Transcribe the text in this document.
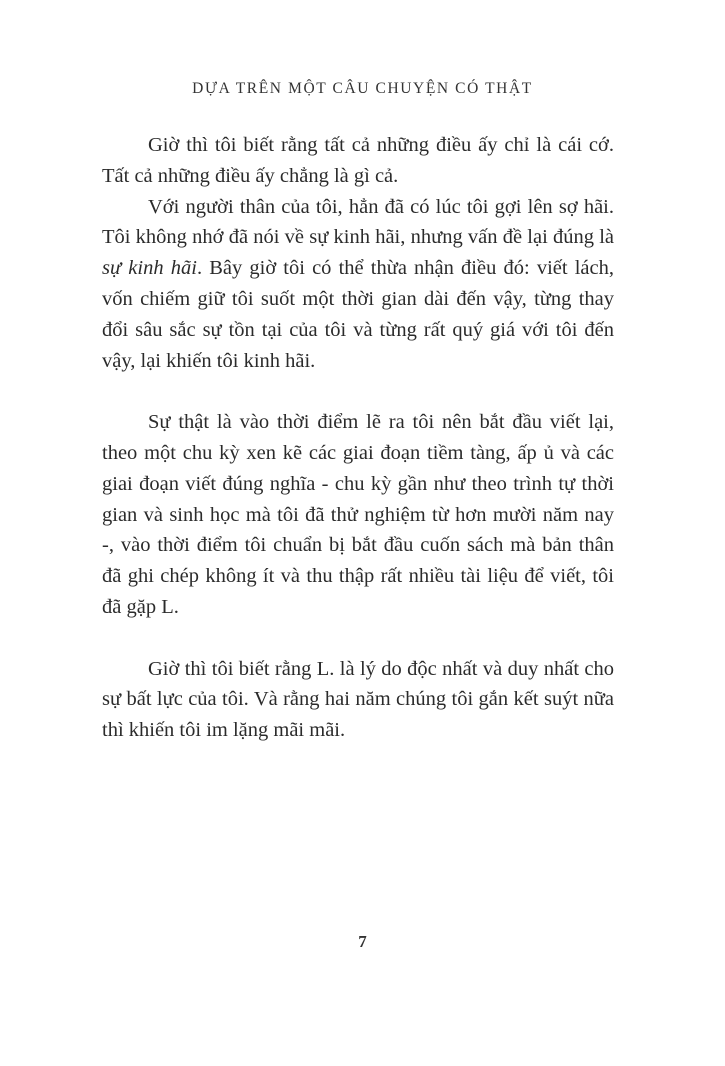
DỰA TRÊN MỘT CÂU CHUYỆN CÓ THẬT

Giờ thì tôi biết rằng tất cả những điều ấy chỉ là cái cớ. Tất cả những điều ấy chẳng là gì cả.

Với người thân của tôi, hẳn đã có lúc tôi gợi lên sợ hãi. Tôi không nhớ đã nói về sự kinh hãi, nhưng vấn đề lại đúng là sự kinh hãi. Bây giờ tôi có thể thừa nhận điều đó: viết lách, vốn chiếm giữ tôi suốt một thời gian dài đến vậy, từng thay đổi sâu sắc sự tồn tại của tôi và từng rất quý giá với tôi đến vậy, lại khiến tôi kinh hãi.

Sự thật là vào thời điểm lẽ ra tôi nên bắt đầu viết lại, theo một chu kỳ xen kẽ các giai đoạn tiềm tàng, ấp ủ và các giai đoạn viết đúng nghĩa - chu kỳ gần như theo trình tự thời gian và sinh học mà tôi đã thử nghiệm từ hơn mười năm nay -, vào thời điểm tôi chuẩn bị bắt đầu cuốn sách mà bản thân đã ghi chép không ít và thu thập rất nhiều tài liệu để viết, tôi đã gặp L.

Giờ thì tôi biết rằng L. là lý do độc nhất và duy nhất cho sự bất lực của tôi. Và rằng hai năm chúng tôi gắn kết suýt nữa thì khiến tôi im lặng mãi mãi.

7
